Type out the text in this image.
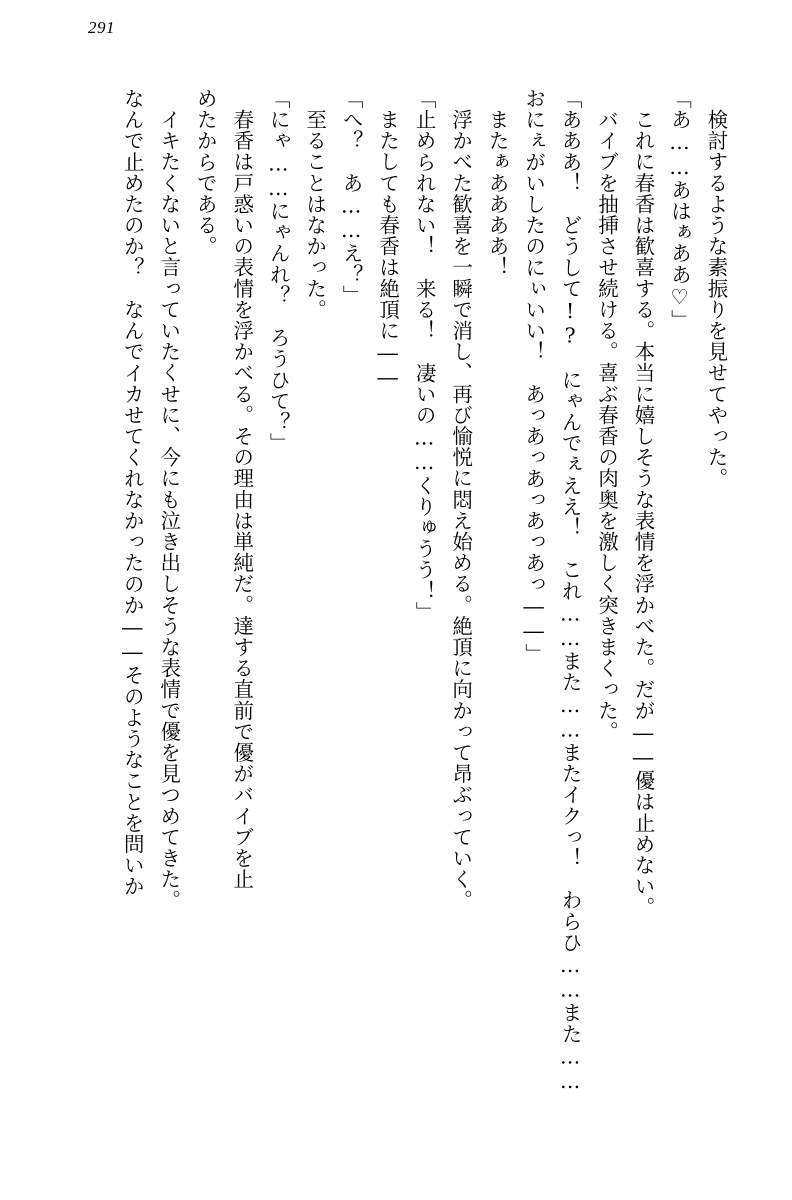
291

検討するような素振りを見せてやった。

「あ……あはぁああ♡」

これに春香は歓喜する。本当に嬉しそうな表情を浮かべた。だが――優は止めない。

バイブを抽挿させ続ける。喜ぶ春香の肉奥を激しく突きまくった。

「あああ！　どうして!?　にゃんでぇええ！　これ……また……またイクっ！　わらひ……また……

おにぇがいしたのにぃいい！　あっあっあっあっあっ――」

またぁああああ！

浮かべた歓喜を一瞬で消し、再び愉悦に悶え始める。絶頂に向かって昂ぶっていく。

「止められない！　来る！　凄いの……くりゅうう！」

またしても春香は絶頂に――

「へ？　あ……え？」

至ることはなかった。

「にゃ……にゃんれ？　ろうひて？」

春香は戸惑いの表情を浮かべる。その理由は単純だ。達する直前で優がバイブを止

めたからである。

イキたくないと言っていたくせに、今にも泣き出しそうな表情で優を見つめてきた。

なんで止めたのか？　なんでイカせてくれなかったのか――そのようなことを問いか
